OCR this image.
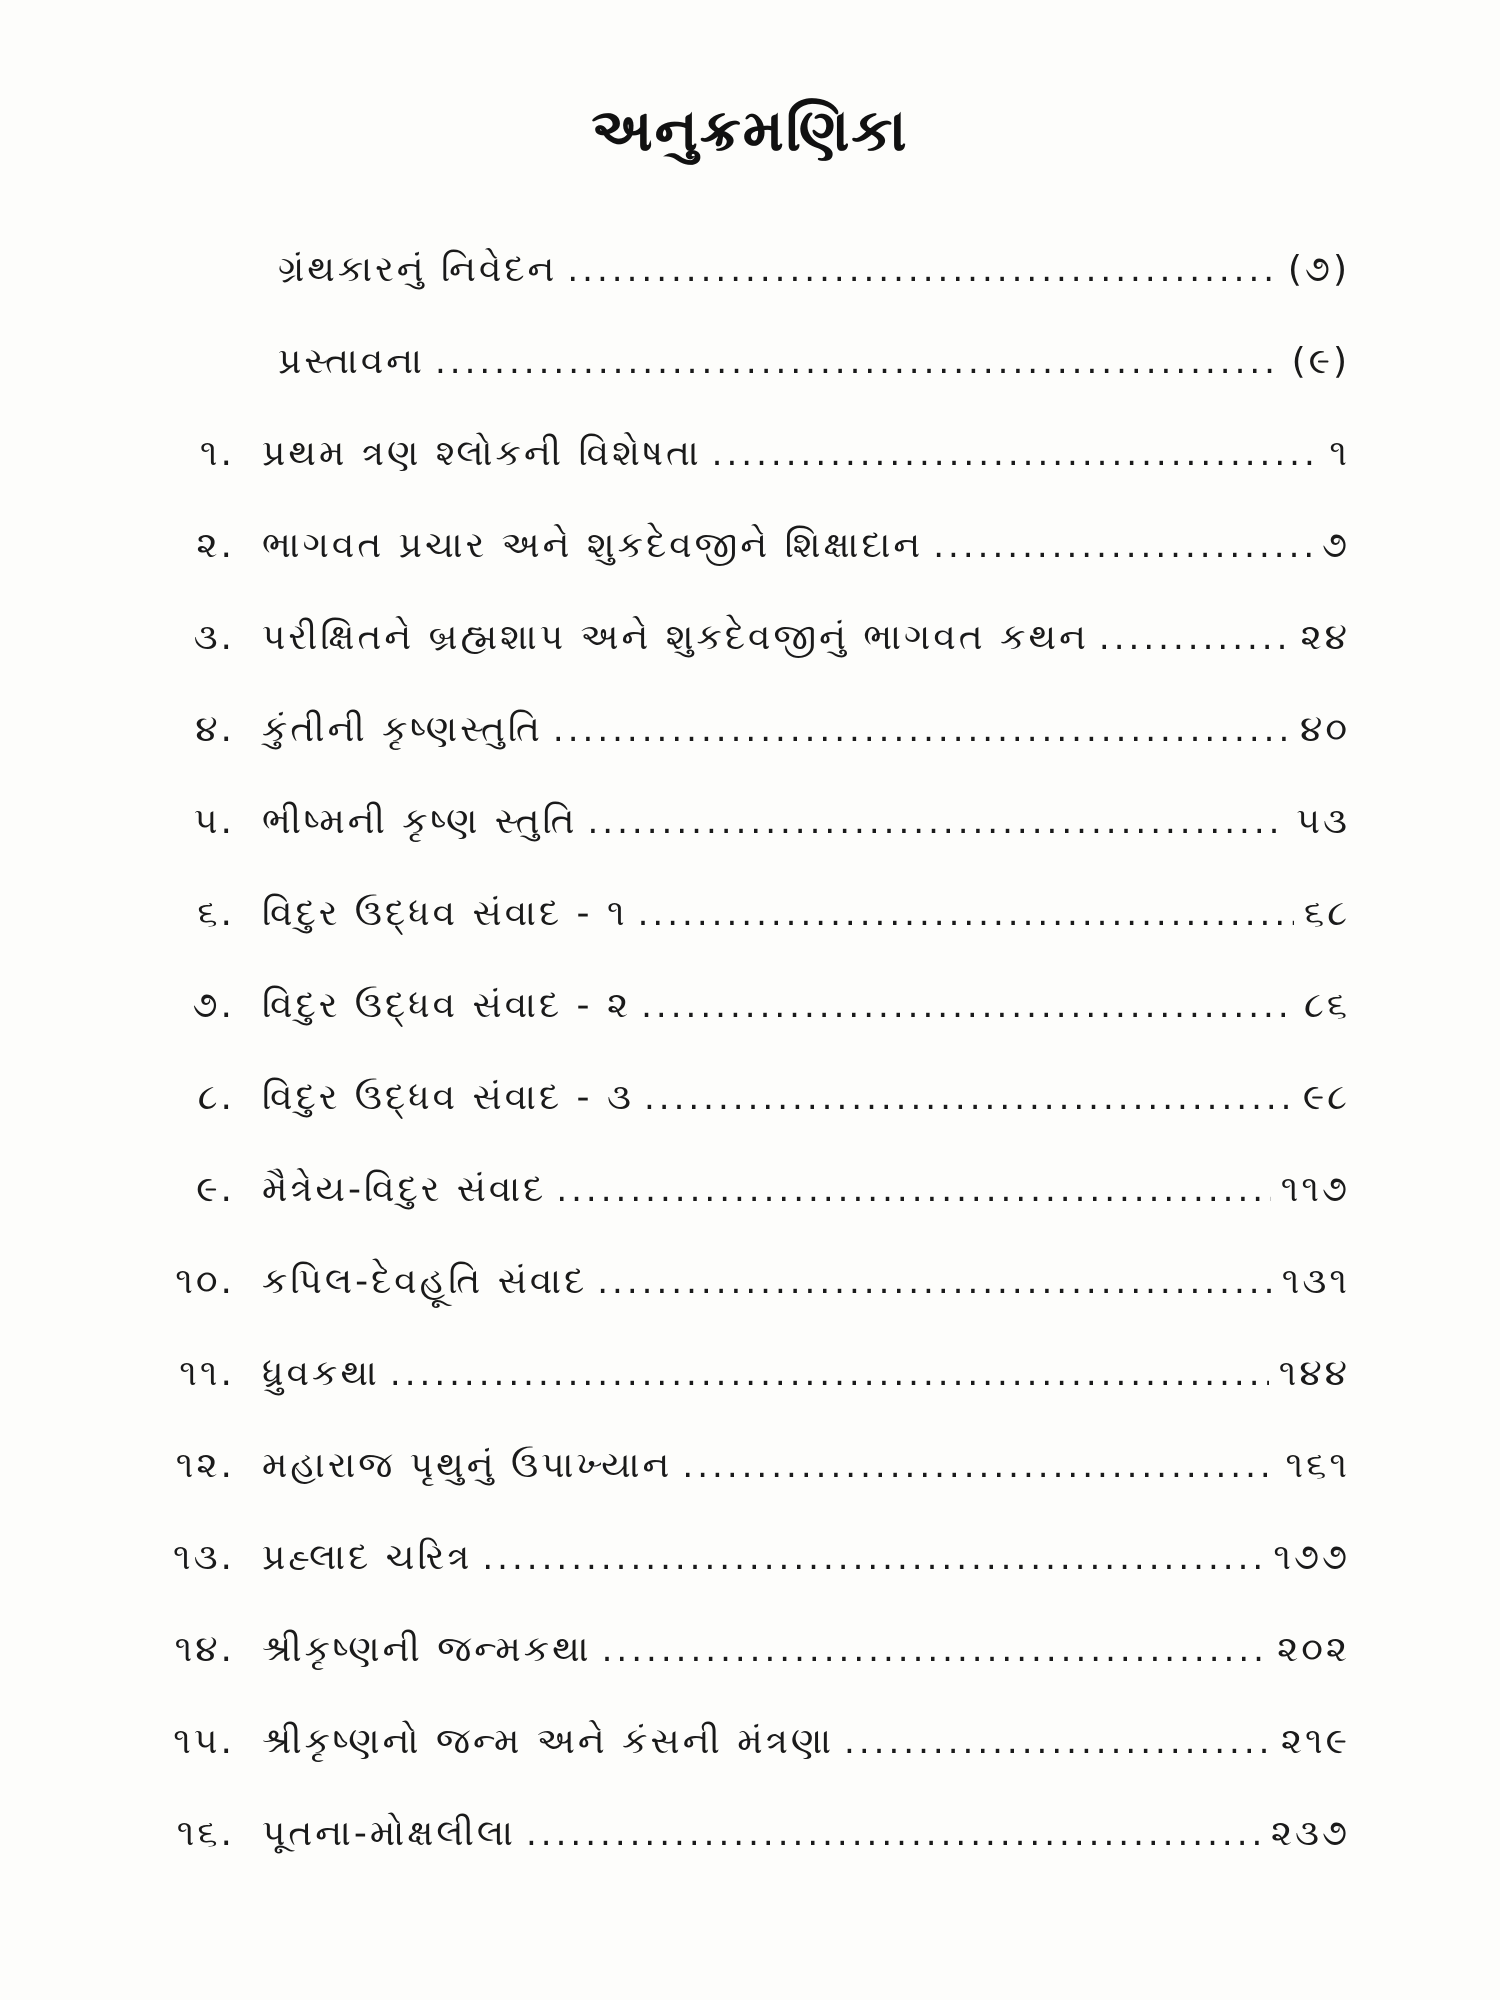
અનુક્રમણિકા
ગ્રંથકારનું નિવેદન .....	(૭)
પ્રસ્તાવના .....	(૯)
૧. પ્રથમ ત્રણ શ્લોકની વિશેષતા .....	૧
૨. ભાગવત પ્રચાર અને શુકદેવજીને શિક્ષાદાન .....	૭
૩. પરીક્ષિતને બ્રહ્મશાપ અને શુકદેવજીનું ભાગવત કથન .....	૨૪
૪. કુંતીની કૃષ્ણસ્તુતિ .....	૪૦
૫. ભીષ્મની કૃષ્ણ સ્તુતિ .....	૫૩
૬. વિદુર ઉદ્ધવ સંવાદ - ૧ .....	૬૮
૭. વિદુર ઉદ્ધવ સંવાદ - ૨ .....	૮૬
૮. વિદુર ઉદ્ધવ સંવાદ - ૩ .....	૯૮
૯. મૈત્રેય-વિદુર સંવાદ .....	૧૧૭
૧૦. કપિલ-દેવહૂતિ સંવાદ .....	૧૩૧
૧૧. ધ્રુવકથા .....	૧૪૪
૧૨. મહારાજ પૃથુનું ઉપાખ્યાન .....	૧૬૧
૧૩. પ્રહ્લાદ ચરિત્ર .....	૧૭૭
૧૪. શ્રીકૃષ્ણની જન્મકથા .....	૨૦૨
૧૫. શ્રીકૃષ્ણનો જન્મ અને કંસની મંત્રણા .....	૨૧૯
૧૬. પૂતના-મોક્ષલીલા .....	૨૩૭
